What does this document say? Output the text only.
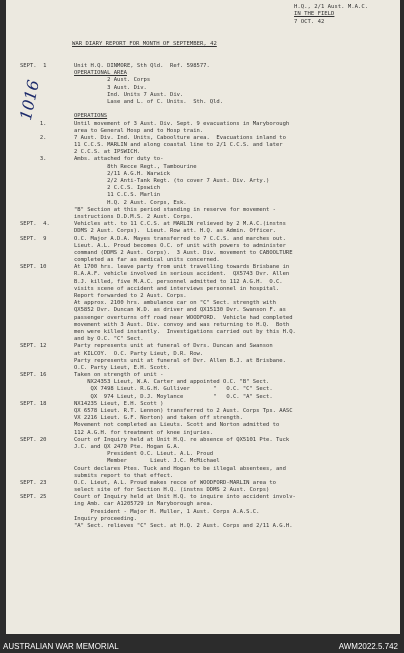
H.Q., 2/1 Aust. M.A.C.
IN THE FIELD
7 OCT. 42
WAR DIARY REPORT FOR MONTH OF SEPTEMBER, 42
1016
SEPT.  1	Unit H.Q. DINMORE, Sth Qld.  Ref. 598577.
OPERATIONAL AREA
2 Aust. Corps
3 Aust. Div.
Ind. Units 7 Aust. Div.
Lase and L. of C. Units.  Sth. Qld.
OPERATIONS
1.	Until movement of 3 Aust. Div. Sept. 9 evacuations in Maryborough
area to General Hosp and to Hosp train.
2.	7 Aust. Div. Ind. Units, Caboolture area.  Evacuations inland to
11 C.C.S. MARLIN and along coastal line to 2/1 C.C.S. and later
2 C.C.S. at IPSWICH.
3.	Ambs. attached for duty to-
8th Recce Regt., Tambourine
2/11 A.G.H. Warwick
2/2 Anti-Tank Regt. (to cover 7 Aust. Div. Arty.)
2 C.C.S. Ipswich
11 C.C.S. Marlin
H.Q. 2 Aust. Corps, Esk.
"B" Section at this period standing in reserve for movement -
instructions D.D.M.S. 2 Aust. Corps.
SEPT.  4.	Vehicles att. to 11 C.C.S. at MARLIN relieved by 2 M.A.C.(instns
DDMS 2 Aust. Corps).  Lieut. Row att. H.Q. as Admin. Officer.
SEPT.  9	O.C. Major A.D.A. Mayes transferred to 7 C.C.S. and marches out.
Lieut. A.L. Proud becomes O.C. of unit with powers to administer
command (DDMS 2 Aust. Corps).  3 Aust. Div. movement to CABOOLTURE
completed as far as medical units concerned.
SEPT. 10	At 1700 hrs. leave party from unit travelling towards Brisbane in
R.A.A.F. vehicle involved in serious accident.  QX5743 Dvr. Allen
B.J. killed, five M.A.C. personnel admitted to 112 A.G.H.  O.C.
visits scene of accident and interviews personnel in hospital.
Report forwarded to 2 Aust. Corps.
At approx. 2100 hrs. ambulance car on "C" Sect. strength with
QX5852 Dvr. Duncan W.D. as driver and QX15130 Dvr. Swanson F. as
passenger overturns off road near WOODFORD.  Vehicle had completed
movement with 3 Aust. Div. convoy and was returning to H.Q.  Both
men were killed instantly.  Investigations carried out by this H.Q.
and by O.C. "C" Sect.
SEPT. 12	Party represents unit at funeral of Dvrs. Duncan and Swanson
at KILCOY.  O.C. Party Lieut, D.R. Row.
Party represents unit at funeral of Dvr. Allen B.J. at Brisbane.
O.C. Party Lieut, E.H. Scott.
SEPT. 16	Taken on strength of unit -
NX24353 Lieut, W.A. Carter and appointed O.C. "B" Sect.
QX 7498 Lieut. R.G.H. Gulliver       "   O.C. "C" Sect.
QX  974 Lieut, D.J. Moylance         "   O.C. "A" Sect.
SEPT. 18	NX14235 Lieut, E.H. Scott )
QX 6578 Lieut. R.T. Lennon) transferred to 2 Aust. Corps Tps. AASC
VX 2216 Lieut. G.F. Norton) and taken off strength.
Movement not completed as Lieuts. Scott and Norton admitted to
112 A.G.H. for treatment of knee injuries.
SEPT. 20	Court of Inquiry held at Unit H.Q. re absence of QX5101 Pte. Tuck
J.C. and QX 2470 Pte. Hogan G.A.
President O.C. Lieut. A.L. Proud
Member       Lieut. J.C. McMichael
Court declares Ptes. Tuck and Hogan to be illegal absentees, and
submits report to that effect.
SEPT. 23	O.C. Lieut, A.L. Proud makes recce of WOODFORD-MARLIN area to
select site of for Section H.Q. (instns DDMS 2 Aust. Corps)
SEPT. 25	Court of Inquiry held at Unit H.Q. to inquire into accident involv-
ing Amb. car A1205729 in Maryborough area.
President - Major H. Muller, 1 Aust. Corps A.A.S.C.
Inquiry proceeding.
"A" Sect. relieves "C" Sect. at H.Q. 2 Aust. Corps and 2/11 A.G.H.
AUSTRALIAN WAR MEMORIAL	AWM2022.5.742
